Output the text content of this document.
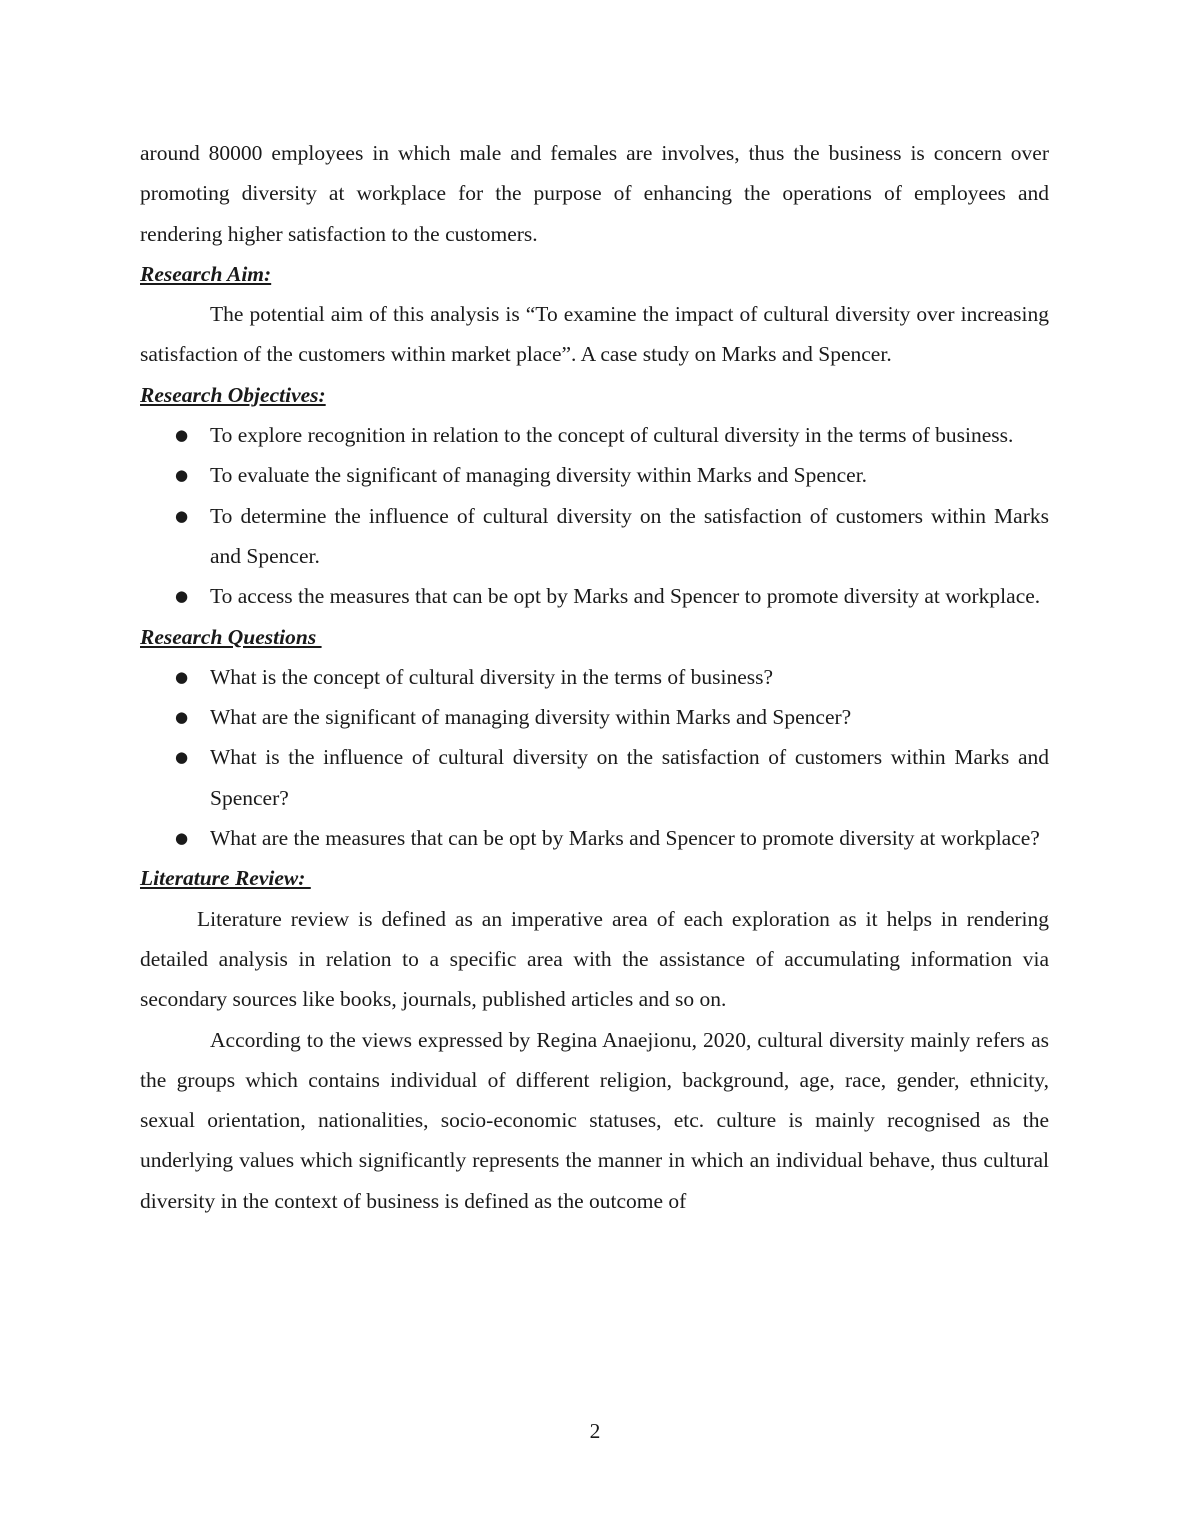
around 80000 employees in which male and females are involves, thus the business is concern over promoting diversity at workplace for the purpose of enhancing the operations of employees and rendering higher satisfaction to the customers.

Research Aim:

The potential aim of this analysis is “To examine the impact of cultural diversity over increasing satisfaction of the customers within market place”. A case study on Marks and Spencer.

Research Objectives:

● To explore recognition in relation to the concept of cultural diversity in the terms of business.
● To evaluate the significant of managing diversity within Marks and Spencer.
● To determine the influence of cultural diversity on the satisfaction of customers within Marks and Spencer.
● To access the measures that can be opt by Marks and Spencer to promote diversity at workplace.

Research Questions

● What is the concept of cultural diversity in the terms of business?
● What are the significant of managing diversity within Marks and Spencer?
● What is the influence of cultural diversity on the satisfaction of customers within Marks and Spencer?
● What are the measures that can be opt by Marks and Spencer to promote diversity at workplace?

Literature Review:

Literature review is defined as an imperative area of each exploration as it helps in rendering detailed analysis in relation to a specific area with the assistance of accumulating information via secondary sources like books, journals, published articles and so on.

According to the views expressed by Regina Anaejionu, 2020, cultural diversity mainly refers as the groups which contains individual of different religion, background, age, race, gender, ethnicity, sexual orientation, nationalities, socio-economic statuses, etc. culture is mainly recognised as the underlying values which significantly represents the manner in which an individual behave, thus cultural diversity in the context of business is defined as the outcome of

2
